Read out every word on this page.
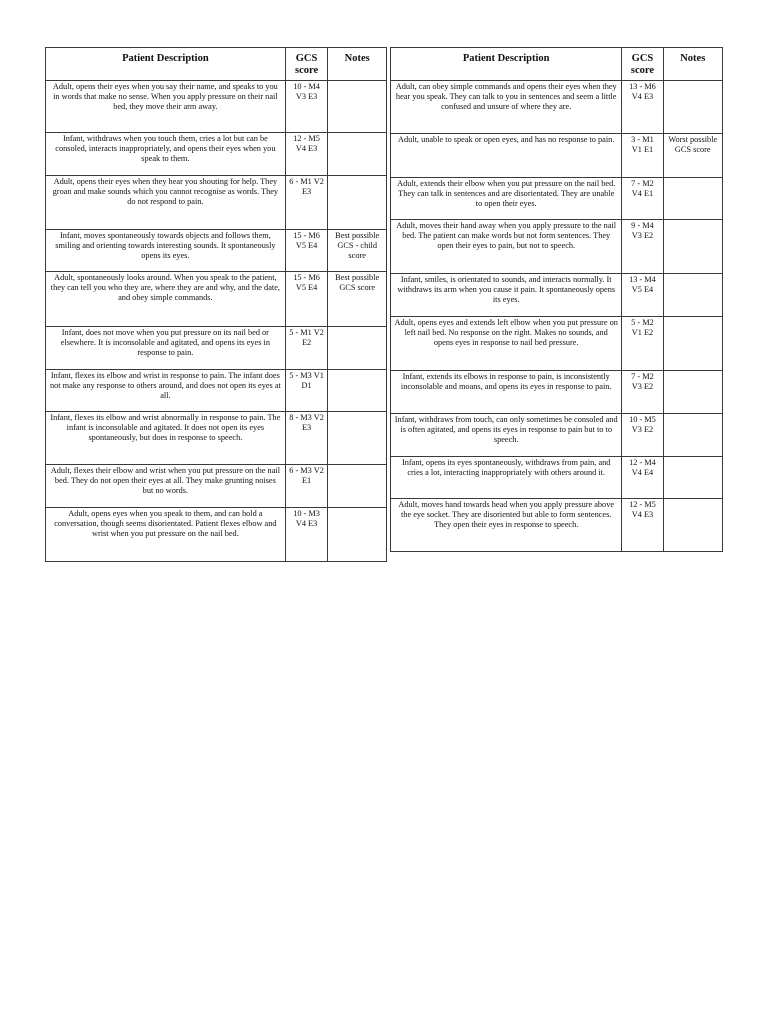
Patient Description	GCS score	Notes
Adult, opens their eyes when you say their name, and speaks to you in words that make no sense. When you apply pressure on their nail bed, they move their arm away.	10 - M4 V3 E3	
Infant, withdraws when you touch them, cries a lot but can be consoled, interacts inappropriately, and opens their eyes when you speak to them.	12 - M5 V4 E3	
Adult, opens their eyes when they hear you shouting for help. They groan and make sounds which you cannot recognise as words. They do not respond to pain.	6 - M1 V2 E3	
Infant, moves spontaneously towards objects and follows them, smiling and orienting towards interesting sounds. It spontaneously opens its eyes.	15 - M6 V5 E4	Best possible GCS - child score
Adult, spontaneously looks around. When you speak to the patient, they can tell you who they are, where they are and why, and the date, and obey simple commands.	15 - M6 V5 E4	Best possible GCS score
Infant, does not move when you put pressure on its nail bed or elsewhere. It is inconsolable and agitated, and opens its eyes in response to pain.	5 - M1 V2 E2	
Infant, flexes its elbow and wrist in response to pain. The infant does not make any response to others around, and does not open its eyes at all.	5 - M3 V1 D1	
Infant, flexes its elbow and wrist abnormally in response to pain. The infant is inconsolable and agitated. It does not open its eyes spontaneously, but does in response to speech.	8 - M3 V2 E3	
Adult, flexes their elbow and wrist when you put pressure on the nail bed. They do not open their eyes at all. They make grunting noises but no words.	6 - M3 V2 E1	
Adult, opens eyes when you speak to them, and can hold a conversation, though seems disorientated. Patient flexes elbow and wrist when you put pressure on the nail bed.	10 - M3 V4 E3	
Patient Description	GCS score	Notes
Adult, can obey simple commands and opens their eyes when they hear you speak. They can talk to you in sentences and seem a little confused and unsure of where they are.	13 - M6 V4 E3	
Adult, unable to speak or open eyes, and has no response to pain.	3 - M1 V1 E1	Worst possible GCS score
Adult, extends their elbow when you put pressure on the nail bed. They can talk in sentences and are disorientated. They are unable to open their eyes.	7 - M2 V4 E1	
Adult, moves their hand away when you apply pressure to the nail bed. The patient can make words but not form sentences. They open their eyes to pain, but not to speech.	9 - M4 V3 E2	
Infant, smiles, is orientated to sounds, and interacts normally. It withdraws its arm when you cause it pain. It spontaneously opens its eyes.	13 - M4 V5 E4	
Adult, opens eyes and extends left elbow when you put pressure on left nail bed. No response on the right. Makes no sounds, and opens eyes in response to nail bed pressure.	5 - M2 V1 E2	
Infant, extends its elbows in response to pain, is inconsistently inconsolable and moans, and opens its eyes in response to pain.	7 - M2 V3 E2	
Infant, withdraws from touch, can only sometimes be consoled and is often agitated, and opens its eyes in response to pain but to to speech.	10 - M5 V3 E2	
Infant, opens its eyes spontaneously, withdraws from pain, and cries a lot, interacting inappropriately with others around it.	12 - M4 V4 E4	
Adult, moves hand towards head when you apply pressure above the eye socket. They are disoriented but able to form sentences. They open their eyes in response to speech.	12 - M5 V4 E3	
